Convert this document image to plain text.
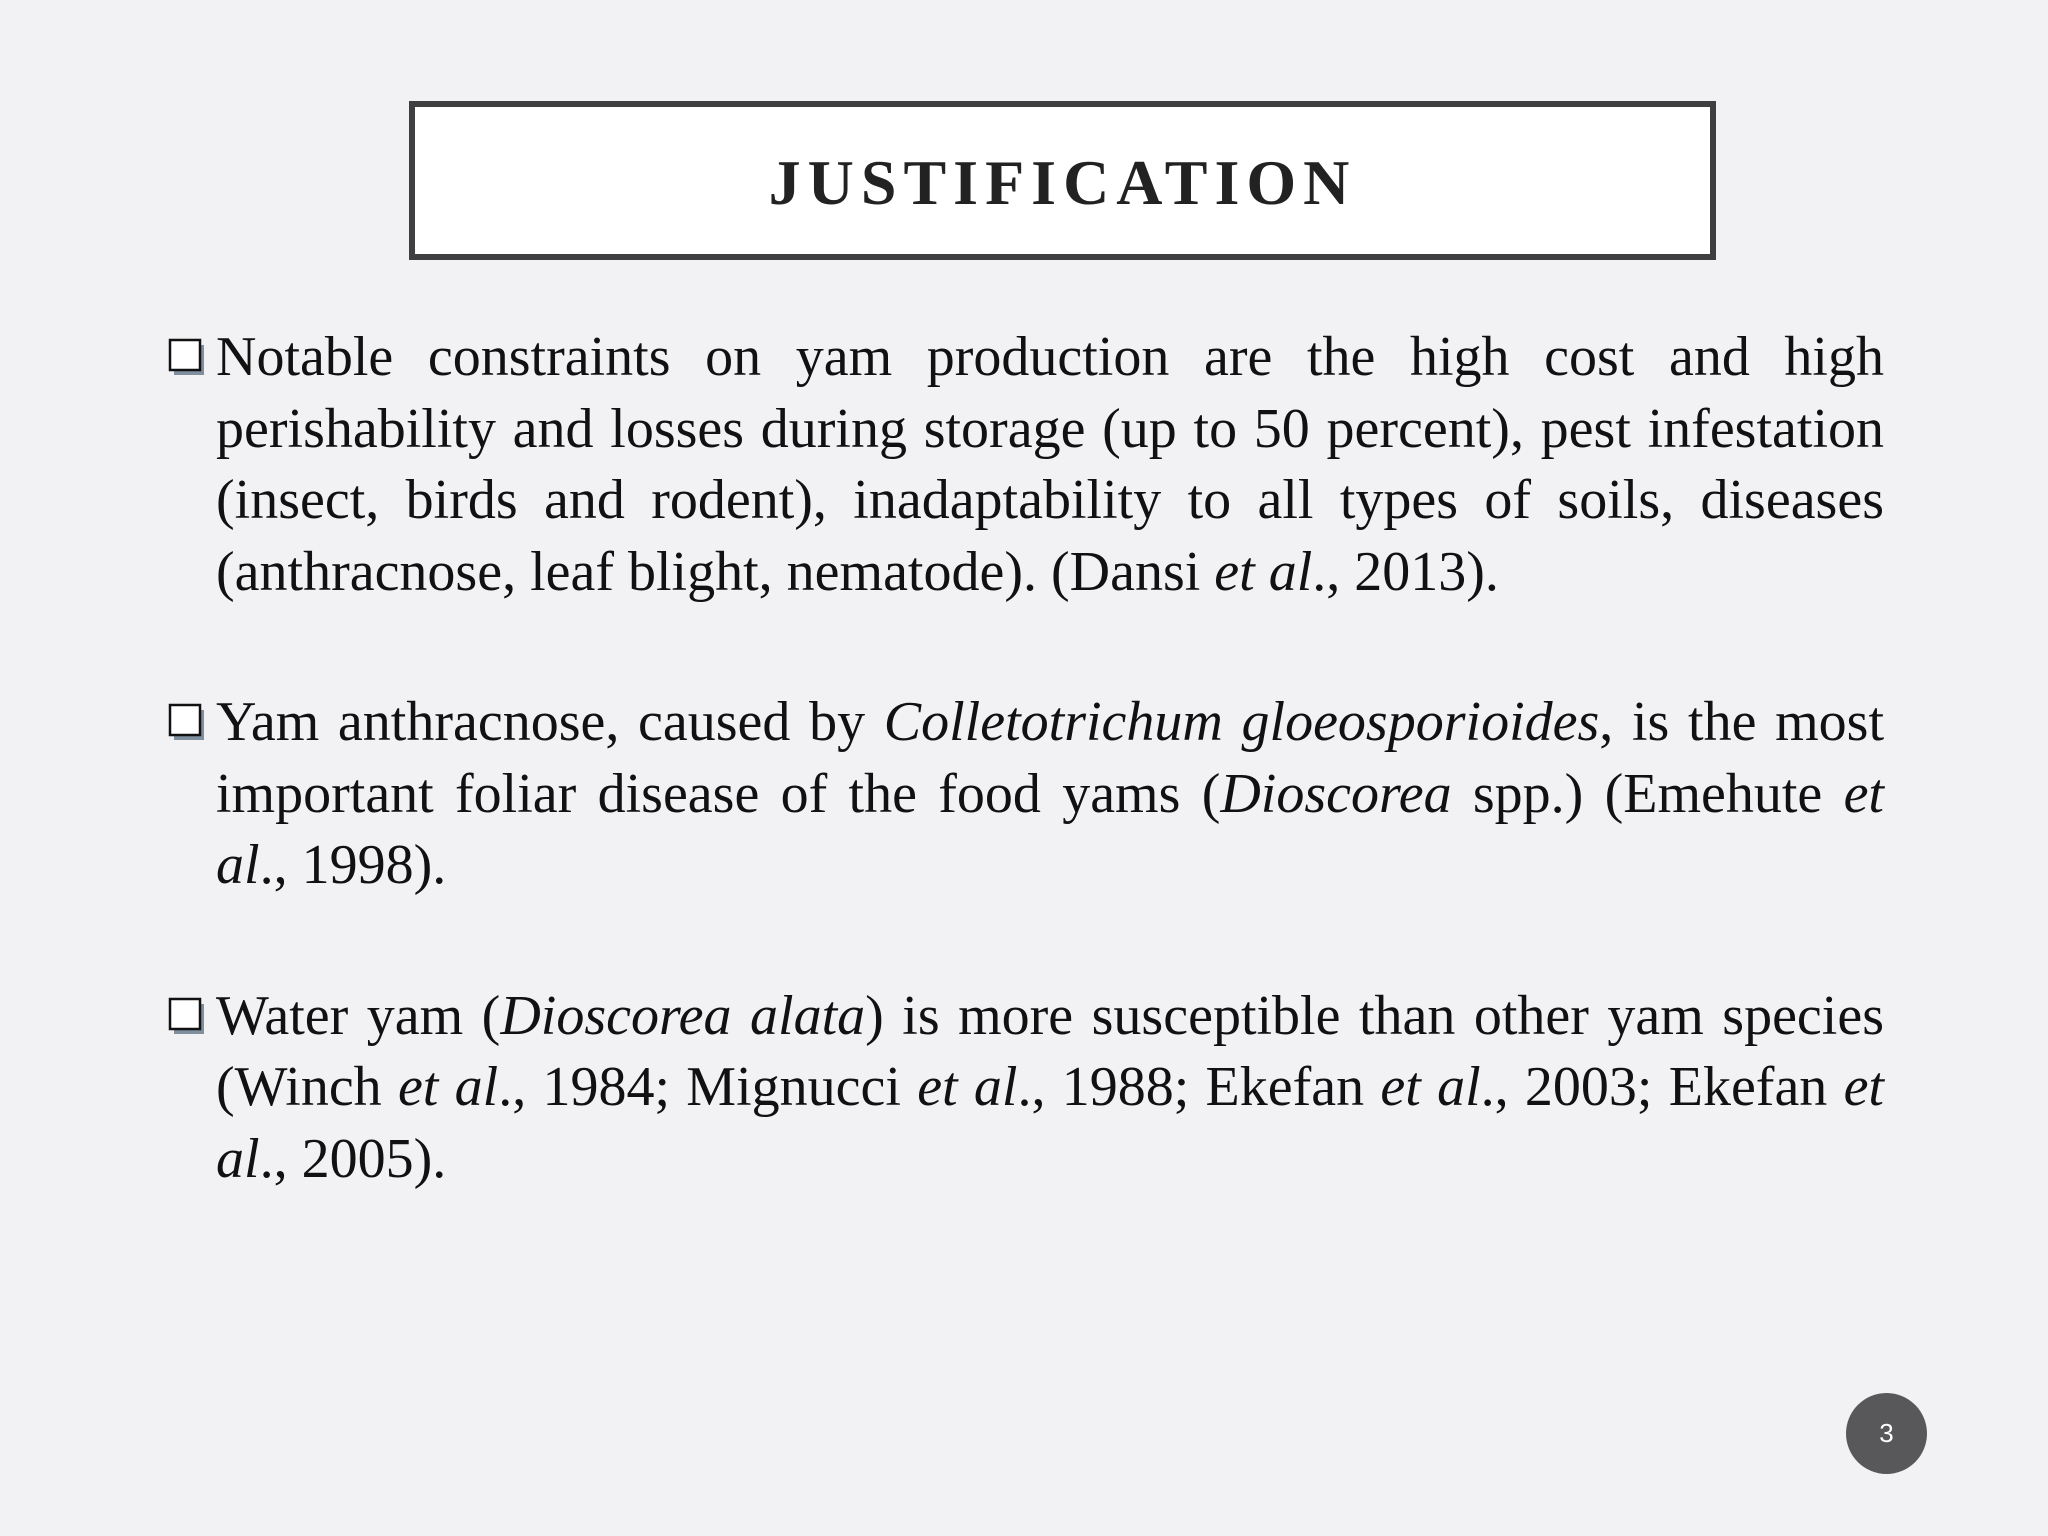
JUSTIFICATION
Notable constraints on yam production are the high cost and high perishability and losses during storage (up to 50 percent), pest infestation (insect, birds and rodent), inadaptability to all types of soils, diseases (anthracnose, leaf blight, nematode). (Dansi et al., 2013).
Yam anthracnose, caused by Colletotrichum gloeosporioides, is the most important foliar disease of the food yams (Dioscorea spp.) (Emehute et al., 1998).
Water yam (Dioscorea alata) is more susceptible than other yam species (Winch et al., 1984; Mignucci et al., 1988; Ekefan et al., 2003; Ekefan et al., 2005).
3
